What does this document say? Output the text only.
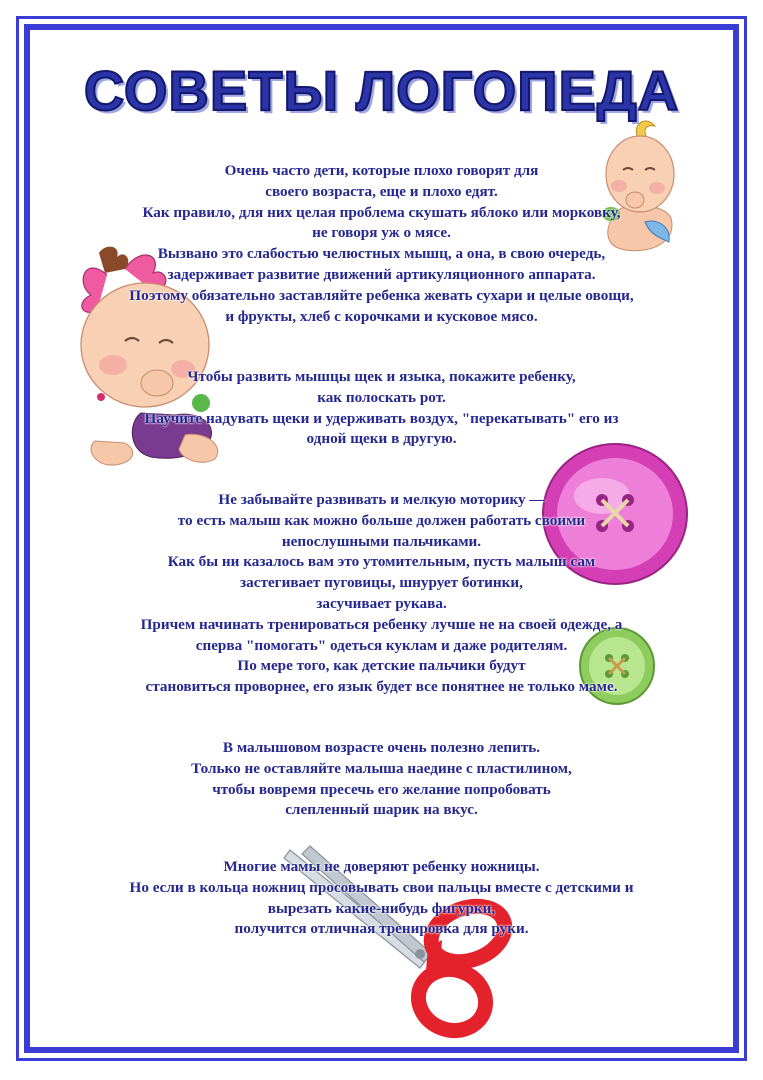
СОВЕТЫ ЛОГОПЕДА
Очень часто дети, которые плохо говорят для
своего возраста, еще и плохо едят.
Как правило, для них целая проблема скушать яблоко или морковку,
не говоря уж о мясе.
Вызвано это слабостью челюстных мышц, а она, в свою очередь,
задерживает развитие движений артикуляционного аппарата.
Поэтому обязательно заставляйте ребенка жевать сухари и целые овощи,
и фрукты, хлеб с корочками и кусковое мясо.
Чтобы развить мышцы щек и языка, покажите ребенку,
как полоскать рот.
Научите надувать щеки и удерживать воздух, "перекатывать" его из
одной щеки в другую.
Не забывайте развивать и мелкую моторику —
то есть малыш как можно больше должен работать своими
непослушными пальчиками.
Как бы ни казалось вам это утомительным, пусть малыш сам
застегивает пуговицы, шнурует ботинки,
засучивает рукава.
Причем начинать тренироваться ребенку лучше не на своей одежде, а
сперва "помогать" одеться куклам и даже родителям.
По мере того, как детские пальчики будут
становиться проворнее, его язык будет все понятнее не только маме.
В малышовом возрасте очень полезно лепить.
Только не оставляйте малыша наедине с пластилином,
чтобы вовремя пресечь его желание попробовать
слепленный шарик на вкус.
Многие мамы не доверяют ребенку ножницы.
Но если в кольца ножниц просовывать свои пальцы вместе с детскими и
вырезать какие-нибудь фигурки,
получится отличная тренировка для руки.
